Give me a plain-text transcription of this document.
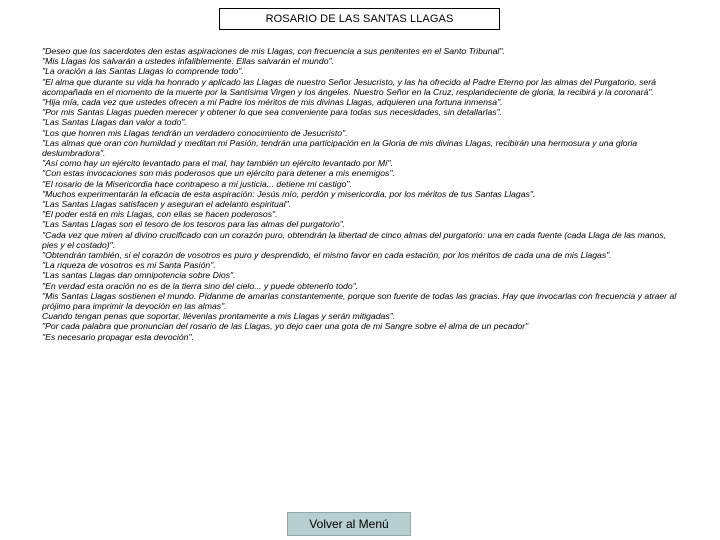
ROSARIO DE LAS SANTAS LLAGAS

"Deseo que los sacerdotes den estas aspiraciones de mis Llagas, con frecuencia a sus penitentes en el Santo Tribunal".

"Mis Llagas los salvarán a ustedes infaliblemente. Ellas salvarán el mundo".

"La oración a las Santas Llagas lo comprende todo".

"El alma que durante su vida ha honrado y aplicado las Llagas de nuestro Señor Jesucristo, y las ha ofrecido al Padre Eterno por las almas del Purgatorio, será acompañada en el momento de la muerte por la Santísima Virgen y los ángeles. Nuestro Señor en la Cruz, resplandeciente de gloria, la recibirá y la coronará".

"Hija mía, cada vez que ustedes ofrecen a mi Padre los méritos de mis divinas Llagas, adquieren una fortuna inmensa".

"Por mis Santas Llagas pueden merecer y obtener lo que sea conveniente para todas sus necesidades, sin detallarlas".

"Las Santas Llagas dan valor a todo".

"Los que honren mis Llagas tendrán un verdadero conocimiento de Jesucristo".

"Las almas que oran con humildad y meditan mi Pasión, tendrán una participación en la Gloria de mis divinas Llagas, recibirán una hermosura y una gloria deslumbradora".

"Así como hay un ejército levantado para el mal, hay también un ejército levantado por Mí".

"Con estas invocaciones son más poderosos que un ejército para detener a mis enemigos".

"El rosario de la Misericordia hace contrapeso a mi justicia... detiene mi castigo".

"Muchos experimentarán la eficacia de esta aspiración: Jesús mío, perdón y misericordia, por los méritos de tus Santas Llagas".

"Las Santas Llagas satisfacen y aseguran el adelanto espiritual".

"El poder está en mis Llagas, con ellas se hacen poderosos".

"Las Santas Llagas son el tesoro de los tesoros para las almas del purgatorio".

"Cada vez que miren al divino crucificado con un corazón puro, obtendrán la libertad de cinco almas del purgatorio: una en cada fuente (cada Llaga de las manos, pies y el costado)".

"Obtendrán también, si el corazón de vosotros es puro y desprendido, el mismo favor en cada estación, por los méritos de cada una de mis Llagas".

"La riqueza de vosotros es mi Santa Pasión".

"Las santas Llagas dan omnipotencia sobre Dios".

"En verdad esta oración no es de la tierra sino del cielo... y puede obtenerlo todo".

"Mis Santas Llagas sostienen el mundo. Pídanme de amarlas constantemente, porque son fuente de todas las gracias. Hay que invocarlas con frecuencia y atraer al prójimo para imprimir la devoción en las almas".

Cuando tengan penas que soportar, llévenlas prontamente a mis Llagas y serán mitigadas".

"Por cada palabra que pronuncian del rosario de las Llagas, yo dejo caer una gota de mi Sangre sobre el alma de un pecador"

"Es necesario propagar esta devoción".

Volver al Menú
